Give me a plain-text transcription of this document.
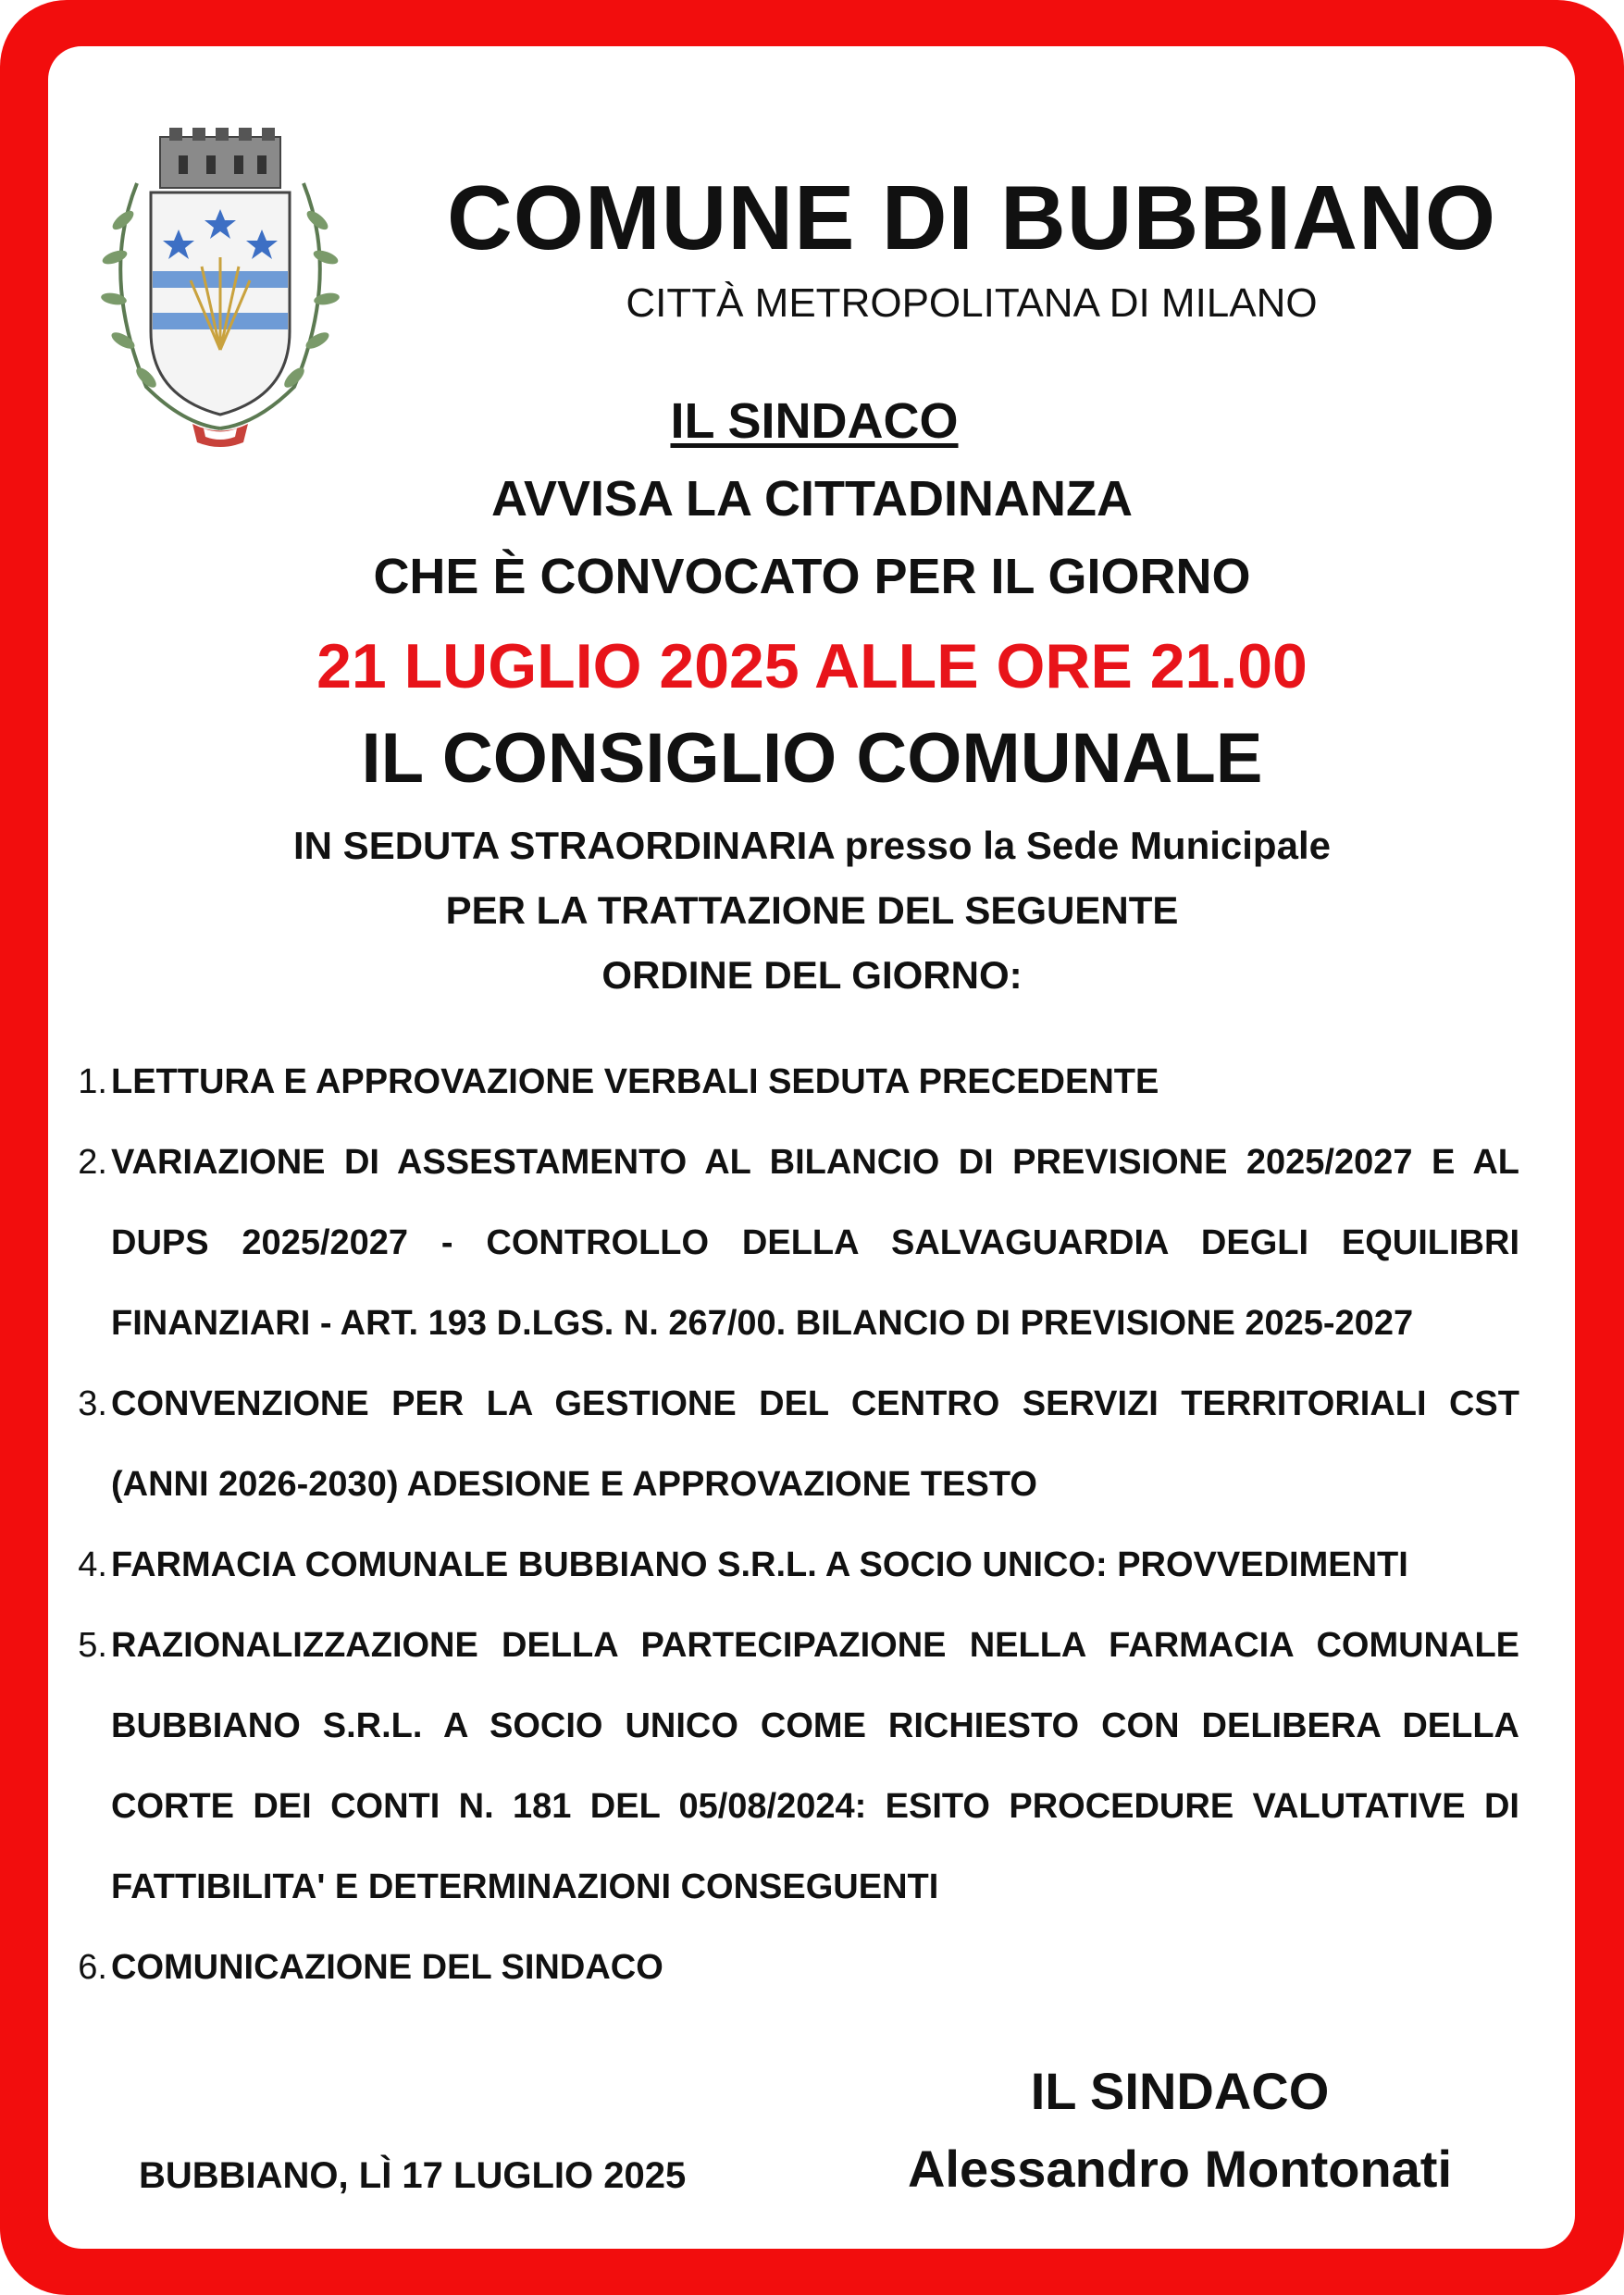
COMUNE DI BUBBIANO
CITTÀ METROPOLITANA DI MILANO
IL SINDACO
AVVISA LA CITTADINANZA
CHE È CONVOCATO PER IL GIORNO
21 LUGLIO 2025 ALLE ORE 21.00
IL CONSIGLIO COMUNALE
IN SEDUTA STRAORDINARIA presso la Sede Municipale
PER LA TRATTAZIONE DEL SEGUENTE
ORDINE DEL GIORNO:
1. LETTURA E APPROVAZIONE VERBALI SEDUTA PRECEDENTE
2. VARIAZIONE DI ASSESTAMENTO AL BILANCIO DI PREVISIONE 2025/2027 E AL DUPS 2025/2027 - CONTROLLO DELLA SALVAGUARDIA DEGLI EQUILIBRI FINANZIARI - ART. 193 D.LGS. N. 267/00. BILANCIO DI PREVISIONE 2025-2027
3. CONVENZIONE PER LA GESTIONE DEL CENTRO SERVIZI TERRITORIALI CST (ANNI 2026-2030) ADESIONE E APPROVAZIONE TESTO
4. FARMACIA COMUNALE BUBBIANO S.R.L. A SOCIO UNICO: PROVVEDIMENTI
5. RAZIONALIZZAZIONE DELLA PARTECIPAZIONE NELLA FARMACIA COMUNALE BUBBIANO S.R.L. A SOCIO UNICO COME RICHIESTO CON DELIBERA DELLA CORTE DEI CONTI N. 181 DEL 05/08/2024: ESITO PROCEDURE VALUTATIVE DI FATTIBILITA' E DETERMINAZIONI CONSEGUENTI
6. COMUNICAZIONE DEL SINDACO
IL SINDACO
Alessandro Montonati
BUBBIANO, LÌ 17 LUGLIO 2025
